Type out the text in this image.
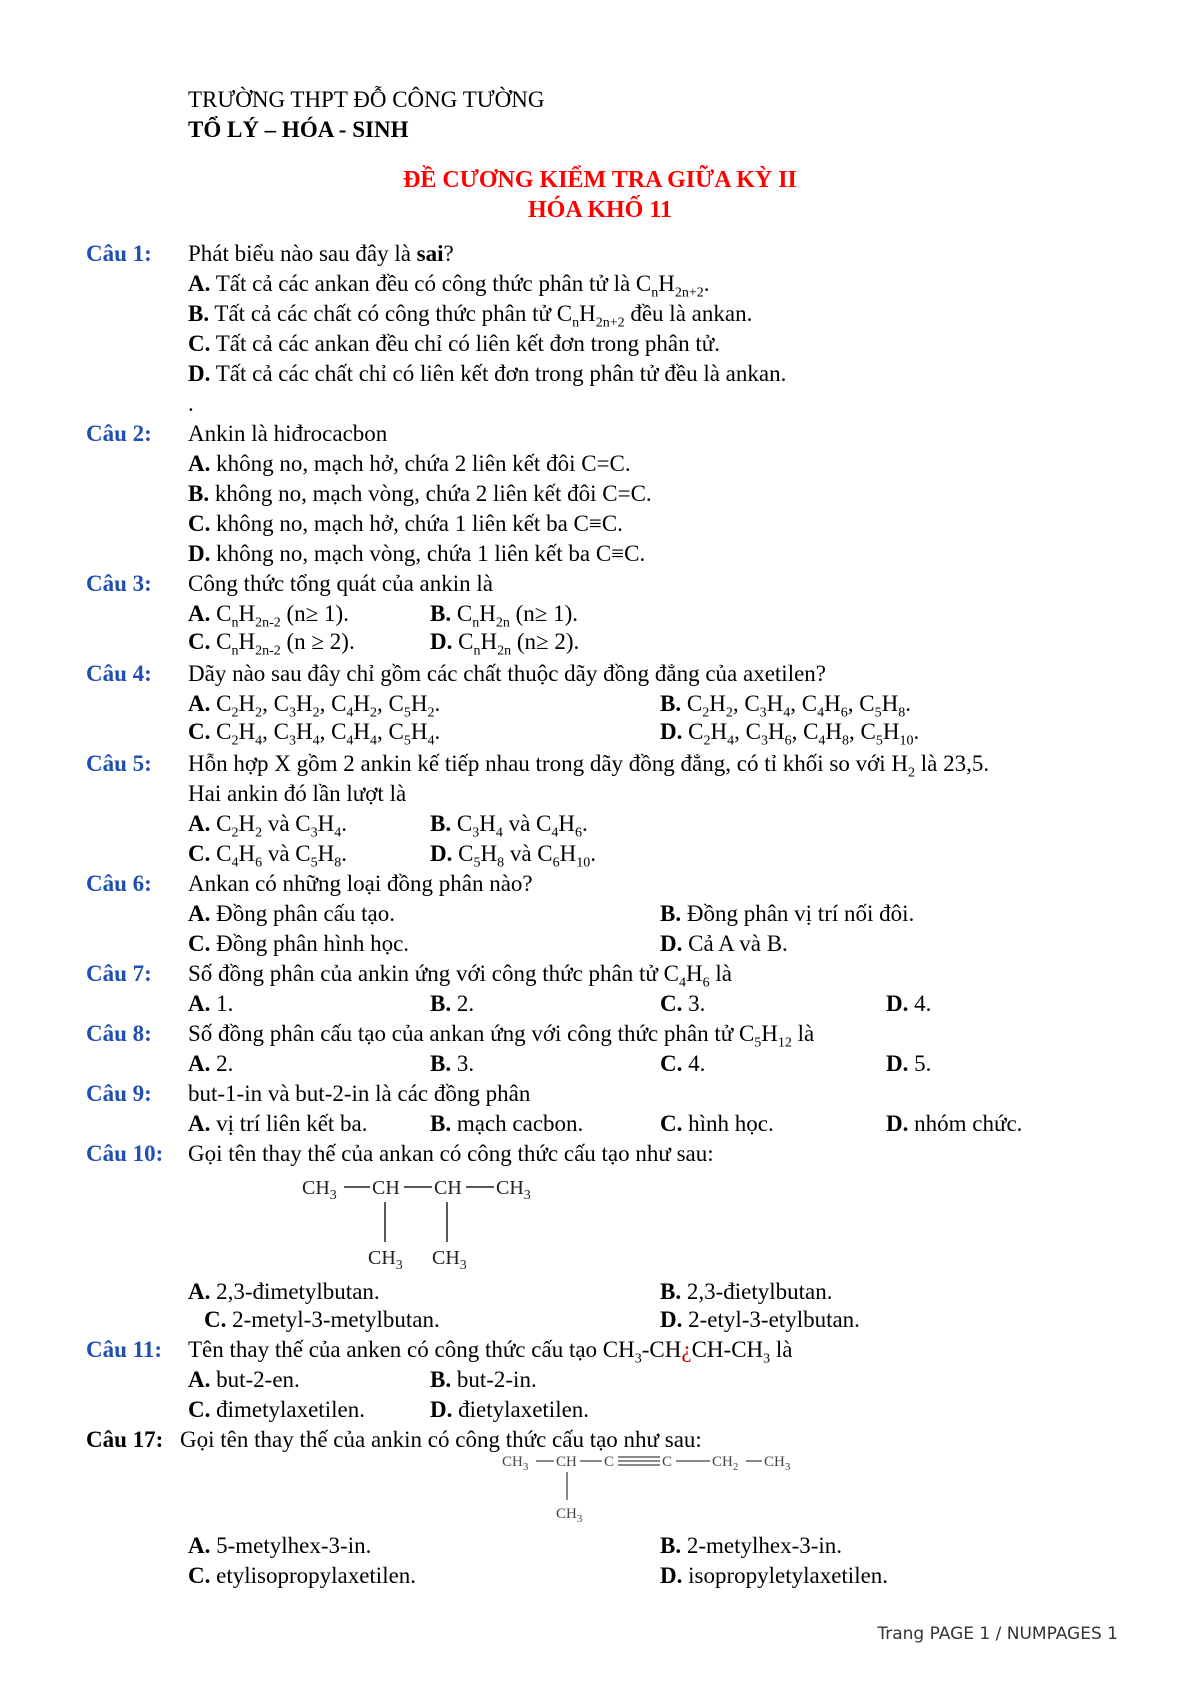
TRƯỜNG THPT ĐỖ CÔNG TƯỜNG
TỔ LÝ – HÓA - SINH
ĐỀ CƯƠNG KIỂM TRA GIỮA KỲ II
HÓA KHỐ 11
Câu 1: Phát biểu nào sau đây là sai?
A. Tất cả các ankan đều có công thức phân tử là $C_nH_{2n+2}$.
B. Tất cả các chất có công thức phân tử $C_nH_{2n+2}$ đều là ankan.
C. Tất cả các ankan đều chỉ có liên kết đơn trong phân tử.
D. Tất cả các chất chỉ có liên kết đơn trong phân tử đều là ankan.
.
Câu 2: Ankin là hiđrocacbon
A. không no, mạch hở, chứa 2 liên kết đôi C=C.
B. không no, mạch vòng, chứa 2 liên kết đôi C=C.
C. không no, mạch hở, chứa 1 liên kết ba C≡C.
D. không no, mạch vòng, chứa 1 liên kết ba C≡C.
Câu 3: Công thức tổng quát của ankin là
A. $C_nH_{2n-2}$ (n≥ 1).	B. $C_nH_{2n}$ (n≥ 1).
C. $C_nH_{2n-2}$ (n ≥ 2).	D. $C_nH_{2n}$ (n≥ 2).
Câu 4: Dãy nào sau đây chỉ gồm các chất thuộc dãy đồng đẳng của axetilen?
A. $C_2H_2$, $C_3H_2$, $C_4H_2$, $C_5H_2$.	B. $C_2H_2$, $C_3H_4$, $C_4H_6$, $C_5H_8$.
C. $C_2H_4$, $C_3H_4$, $C_4H_4$, $C_5H_4$.	D. $C_2H_4$, $C_3H_6$, $C_4H_8$, $C_5H_{10}$.
Câu 5: Hỗn hợp X gồm 2 ankin kế tiếp nhau trong dãy đồng đẳng, có tỉ khối so với $H_2$ là 23,5.
Hai ankin đó lần lượt là
A. $C_2H_2$ và $C_3H_4$.	B. $C_3H_4$ và $C_4H_6$.
C. $C_4H_6$ và $C_5H_8$.	D. $C_5H_8$ và $C_6H_{10}$.
Câu 6: Ankan có những loại đồng phân nào?
A. Đồng phân cấu tạo.	B. Đồng phân vị trí nối đôi.
C. Đồng phân hình học.	D. Cả A và B.
Câu 7: Số đồng phân của ankin ứng với công thức phân tử $C_4H_6$ là
A. 1.	B. 2.	C. 3.	D. 4.
Câu 8: Số đồng phân cấu tạo của ankan ứng với công thức phân tử $C_5H_{12}$ là
A. 2.	B. 3.	C. 4.	D. 5.
Câu 9: but-1-in và but-2-in là các đồng phân
A. vị trí liên kết ba.	B. mạch cacbon.	C. hình học.	D. nhóm chức.
Câu 10: Gọi tên thay thế của ankan có công thức cấu tạo như sau:
A. 2,3-đimetylbutan.	B. 2,3-đietylbutan.
C. 2-metyl-3-metylbutan.	D. 2-etyl-3-etylbutan.
Câu 11: Tên thay thế của anken có công thức cấu tạo $CH_3-CH¿CH-CH_3$ là
A. but-2-en.	B. but-2-in.
C. đimetylaxetilen.	D. đietylaxetilen.
Câu 17: Gọi tên thay thế của ankin có công thức cấu tạo như sau:
A. 5-metylhex-3-in.	B. 2-metylhex-3-in.
C. etylisopropylaxetilen.	D. isopropyletylaxetilen.
$CH_3$ CH CH $CH_3$
$CH_3$ $CH_3$
$CH_3$ CH C	C	$CH_2$ $CH_3$
$CH_3$
Trang PAGE 1 / NUMPAGES 1
